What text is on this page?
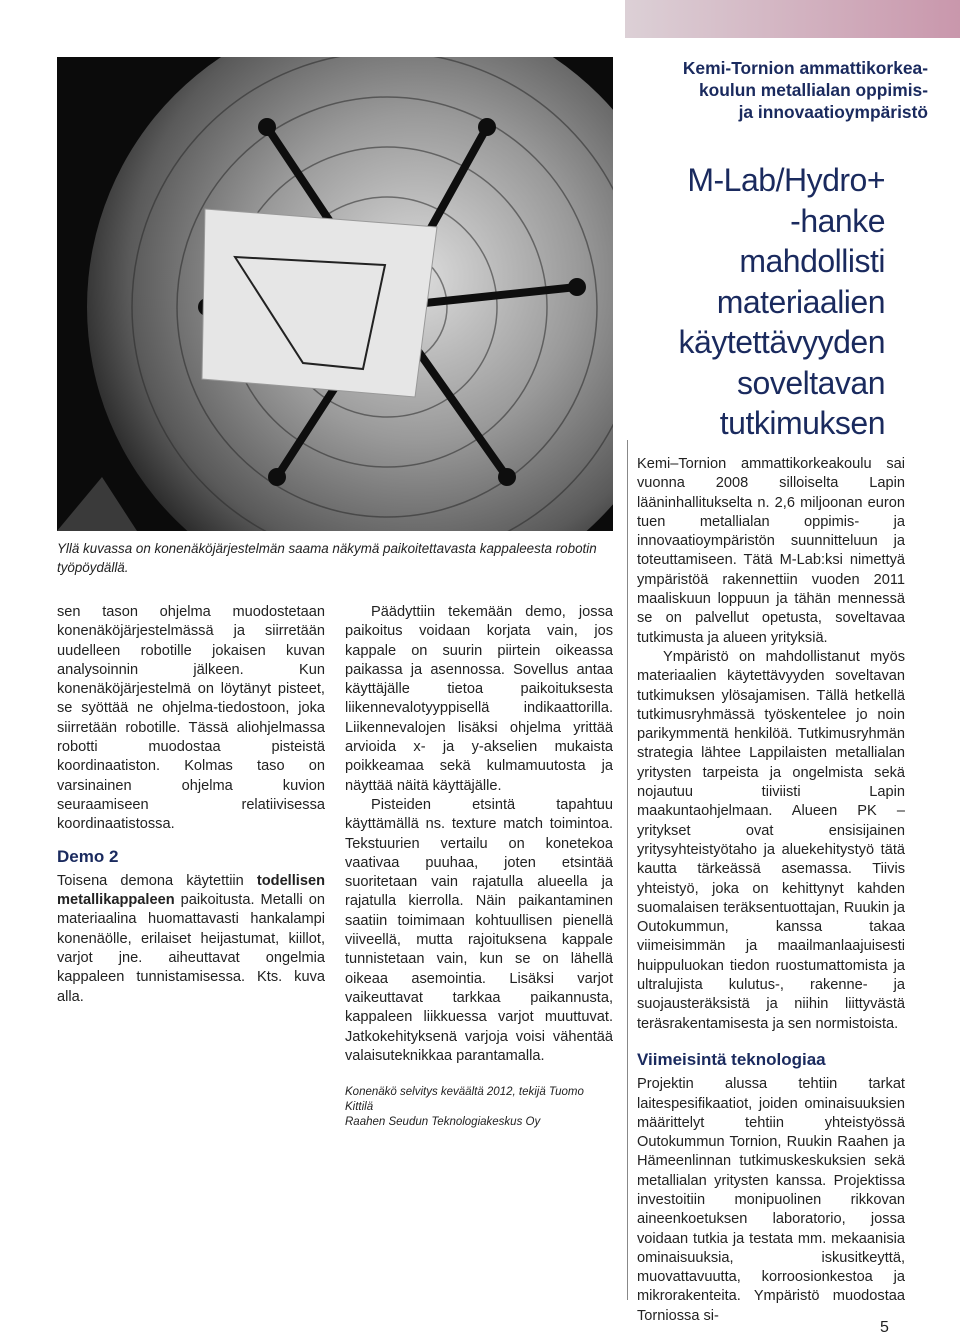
Yllä kuvassa on konenäköjärjestelmän saama näkymä paikoitettavasta kappaleesta robotin työpöydällä.

sen tason ohjelma muodostetaan konenäköjärjestelmässä ja siirretään uudelleen robotille jokaisen kuvan analysoinnin jälkeen. Kun konenäköjärjestelmä on löytänyt pisteet, se syöttää ne ohjelma-tiedostoon, joka siirretään robotille. Tässä aliohjelmassa robotti muodostaa pisteistä koordinaatiston. Kolmas taso on varsinainen ohjelma kuvion seuraamiseen relatiivisessa koordinaatistossa.

Demo 2

Toisena demona käytettiin todellisen metallikappaleen paikoitusta. Metalli on materiaalina huomattavasti hankalampi konenäölle, erilaiset heijastumat, kiillot, varjot jne. aiheuttavat ongelmia kappaleen tunnistamisessa. Kts. kuva alla.

Päädyttiin tekemään demo, jossa paikoitus voidaan korjata vain, jos kappale on suurin piirtein oikeassa paikassa ja asennossa. Sovellus antaa käyttäjälle tietoa paikoituksesta liikennevalotyyppisellä indikaattorilla. Liikennevalojen lisäksi ohjelma yrittää arvioida x- ja y-akselien mukaista poikkeamaa sekä kulmamuutosta ja näyttää näitä käyttäjälle.

Pisteiden etsintä tapahtuu käyttämällä ns. texture match toimintoa. Tekstuurien vertailu on konetekoa vaativaa puuhaa, joten etsintää suoritetaan vain rajatulla alueella ja rajatulla kierrolla. Näin paikantaminen saatiin toimimaan kohtuullisen pienellä viiveellä, mutta rajoituksena kappale tunnistetaan vain, kun se on lähellä oikeaa asemointia. Lisäksi varjot vaikeuttavat tarkkaa paikannusta, kappaleen liikkuessa varjot muuttuvat. Jatkokehityksenä varjoja voisi vähentää valaisuteknikkaa parantamalla.

Konenäkö selvitys keväältä 2012, tekijä Tuomo Kittilä
Raahen Seudun Teknologiakeskus Oy
Kemi-Tornion ammattikorkea-
koulun metallialan oppimis-
ja innovaatioympäristö
M-Lab/Hydro+
-hanke
mahdollisti
materiaalien
käytettävyyden
soveltavan
tutkimuksen

Kemi–Tornion ammattikorkeakoulu sai vuonna 2008 silloiselta Lapin lääninhallitukselta n. 2,6 miljoonan euron tuen metallialan oppimis- ja innovaatioympäristön suunnitteluun ja toteuttamiseen. Tätä M-Lab:ksi nimettyä ympäristöä rakennettiin vuoden 2011 maaliskuun loppuun ja tähän mennessä se on palvellut opetusta, soveltavaa tutkimusta ja alueen yrityksiä.

Ympäristö on mahdollistanut myös materiaalien käytettävyyden soveltavan tutkimuksen ylösajamisen. Tällä hetkellä tutkimusryhmässä työskentelee jo noin parikymmentä henkilöä. Tutkimusryhmän strategia lähtee Lappilaisten metallialan yritysten tarpeista ja ongelmista sekä nojautuu tiiviisti Lapin maakuntaohjelmaan. Alueen PK –yritykset ovat ensisijainen yritysyhteistyötaho ja aluekehitystyö tätä kautta tärkeässä asemassa. Tiivis yhteistyö, joka on kehittynyt kahden suomalaisen teräksentuottajan, Ruukin ja Outokummun, kanssa takaa viimeisimmän ja maailmanlaajuisesti huippuluokan tiedon ruostumattomista ja ultralujista kulutus-, rakenne- ja suojausteräksistä ja niihin liittyvästä teräsrakentamisesta ja sen normistoista.

Viimeisintä teknologiaa

Projektin alussa tehtiin tarkat laitespesifikaatiot, joiden ominaisuuksien määrittelyt tehtiin yhteistyössä Outokummun Tornion, Ruukin Raahen ja Hämeenlinnan tutkimuskeskuksien sekä metallialan yritysten kanssa. Projektissa investoitiin monipuolinen rikkovan aineenkoetuksen laboratorio, jossa voidaan tutkia ja testata mm. mekaanisia ominaisuuksia, iskusitkeyttä, muovattavuutta, korroosionkestoa ja mikrorakenteita. Ympäristö muodostaa Torniossa si-

5
